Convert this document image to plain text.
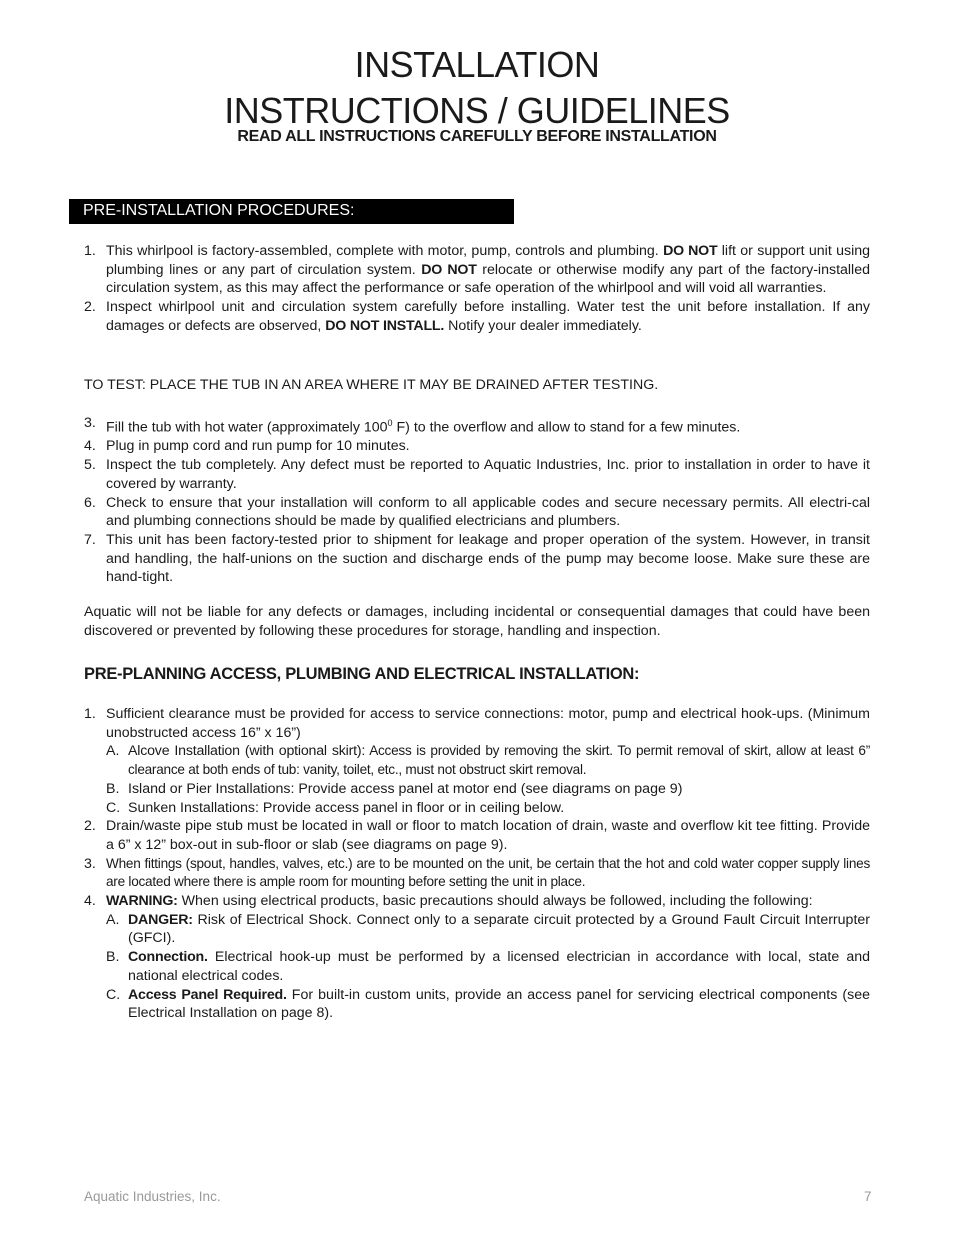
INSTALLATION
INSTRUCTIONS / GUIDELINES

READ ALL INSTRUCTIONS CAREFULLY BEFORE INSTALLATION

PRE-INSTALLATION PROCEDURES:
1. This whirlpool is factory-assembled, complete with motor, pump, controls and plumbing. DO NOT lift or support unit using plumbing lines or any part of circulation system. DO NOT relocate or otherwise modify any part of the factory-installed circulation system, as this may affect the performance or safe operation of the whirlpool and will void all warranties.
2. Inspect whirlpool unit and circulation system carefully before installing. Water test the unit before installation. If any damages or defects are observed, DO NOT INSTALL. Notify your dealer immediately.

TO TEST: PLACE THE TUB IN AN AREA WHERE IT MAY BE DRAINED AFTER TESTING.

3. Fill the tub with hot water (approximately $100^0$ F) to the overflow and allow to stand for a few minutes.
4. Plug in pump cord and run pump for 10 minutes.
5. Inspect the tub completely. Any defect must be reported to Aquatic Industries, Inc. prior to installation in order to have it covered by warranty.
6. Check to ensure that your installation will conform to all applicable codes and secure necessary permits. All electri-cal and plumbing connections should be made by qualified electricians and plumbers.
7. This unit has been factory-tested prior to shipment for leakage and proper operation of the system. However, in transit and handling, the half-unions on the suction and discharge ends of the pump may become loose. Make sure these are hand-tight.

Aquatic will not be liable for any defects or damages, including incidental or consequential damages that could have been discovered or prevented by following these procedures for storage, handling and inspection.

PRE-PLANNING ACCESS, PLUMBING AND ELECTRICAL INSTALLATION:

1. Sufficient clearance must be provided for access to service connections: motor, pump and electrical hook-ups. (Minimum unobstructed access 16” x 16”)
A. Alcove Installation (with optional skirt): Access is provided by removing the skirt. To permit removal of skirt, allow at least 6” clearance at both ends of tub: vanity, toilet, etc., must not obstruct skirt removal.
B. Island or Pier Installations: Provide access panel at motor end (see diagrams on page 9)
C. Sunken Installations: Provide access panel in floor or in ceiling below.
2. Drain/waste pipe stub must be located in wall or floor to match location of drain, waste and overflow kit tee fitting. Provide a 6” x 12” box-out in sub-floor or slab (see diagrams on page 9).
3. When fittings (spout, handles, valves, etc.) are to be mounted on the unit, be certain that the hot and cold water copper supply lines are located where there is ample room for mounting before setting the unit in place.
4. WARNING: When using electrical products, basic precautions should always be followed, including the following:
A. DANGER: Risk of Electrical Shock. Connect only to a separate circuit protected by a Ground Fault Circuit Interrupter (GFCI).
B. Connection. Electrical hook-up must be performed by a licensed electrician in accordance with local, state and national electrical codes.
C. Access Panel Required. For built-in custom units, provide an access panel for servicing electrical components (see Electrical Installation on page 8).
Aquatic Industries, Inc.	7
